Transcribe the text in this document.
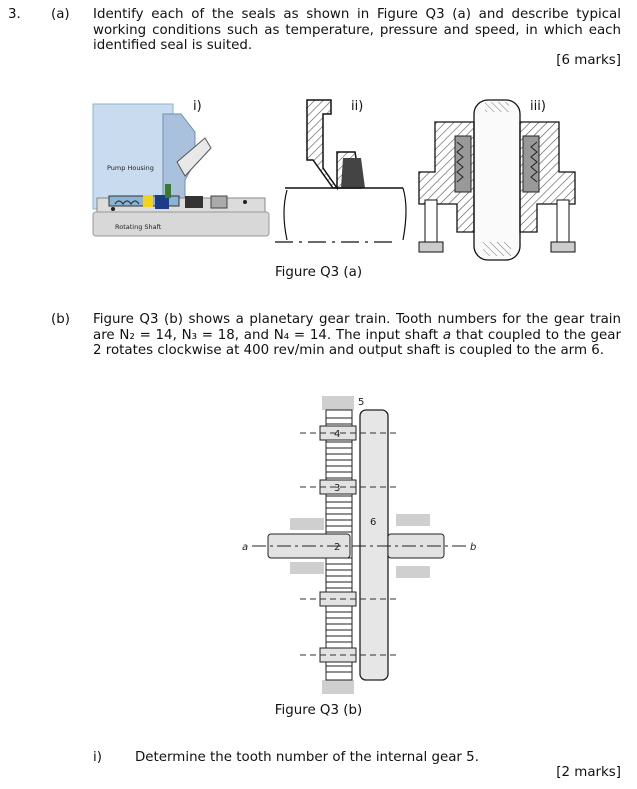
3. (a) Identify each of the seals as shown in Figure Q3 (a) and describe typical working conditions such as temperature, pressure and speed, in which each identified seal is suited.
[6 marks]
Pump Housing
Rotating Shaft
i)	ii)	iii)
Figure Q3 (a)
(b) Figure Q3 (b) shows a planetary gear train. Tooth numbers for the gear train are N₂ = 14, N₃ = 18, and N₄ = 14. The input shaft a that coupled to the gear 2 rotates clockwise at 400 rev/min and output shaft is coupled to the arm 6.
5
4
3
6
2
a	b
Figure Q3 (b)
i) Determine the tooth number of the internal gear 5.
[2 marks]
